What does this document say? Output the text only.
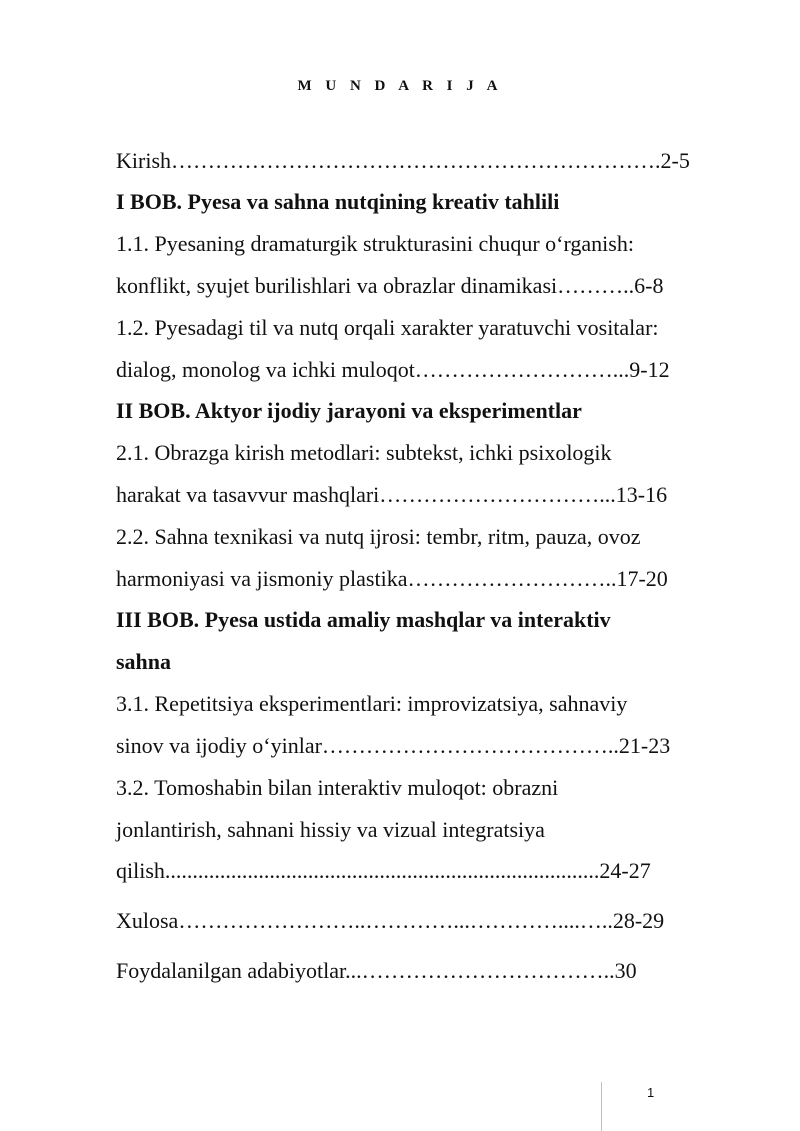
M U N D A R I J A
Kirish………………………………………………………….2-5
I BOB. Pyesa va sahna nutqining kreativ tahlili
1.1. Pyesaning dramaturgik strukturasini chuqur o‘rganish:
konflikt, syujet burilishlari va obrazlar dinamikasi………..6-8
1.2. Pyesadagi til va nutq orqali xarakter yaratuvchi vositalar:
dialog, monolog va ichki muloqot………………………...9-12
II BOB. Aktyor ijodiy jarayoni va eksperimentlar
2.1. Obrazga kirish metodlari: subtekst, ichki psixologik
harakat va tasavvur mashqlari…………………………...13-16
2.2. Sahna texnikasi va nutq ijrosi: tembr, ritm, pauza, ovoz
harmoniyasi va jismoniy plastika………………………..17-20
III BOB. Pyesa ustida amaliy mashqlar va interaktiv
sahna
3.1. Repetitsiya eksperimentlari: improvizatsiya, sahnaviy
sinov va ijodiy o‘yinlar…………………………………..21-23
3.2. Tomoshabin bilan interaktiv muloqot: obrazni
jonlantirish, sahnani hissiy va vizual integratsiya
qilish...............................................................................24-27
Xulosa……………………..…………...…………....…..28-29
Foydalanilgan adabiyotlar...……………………………..30
1
